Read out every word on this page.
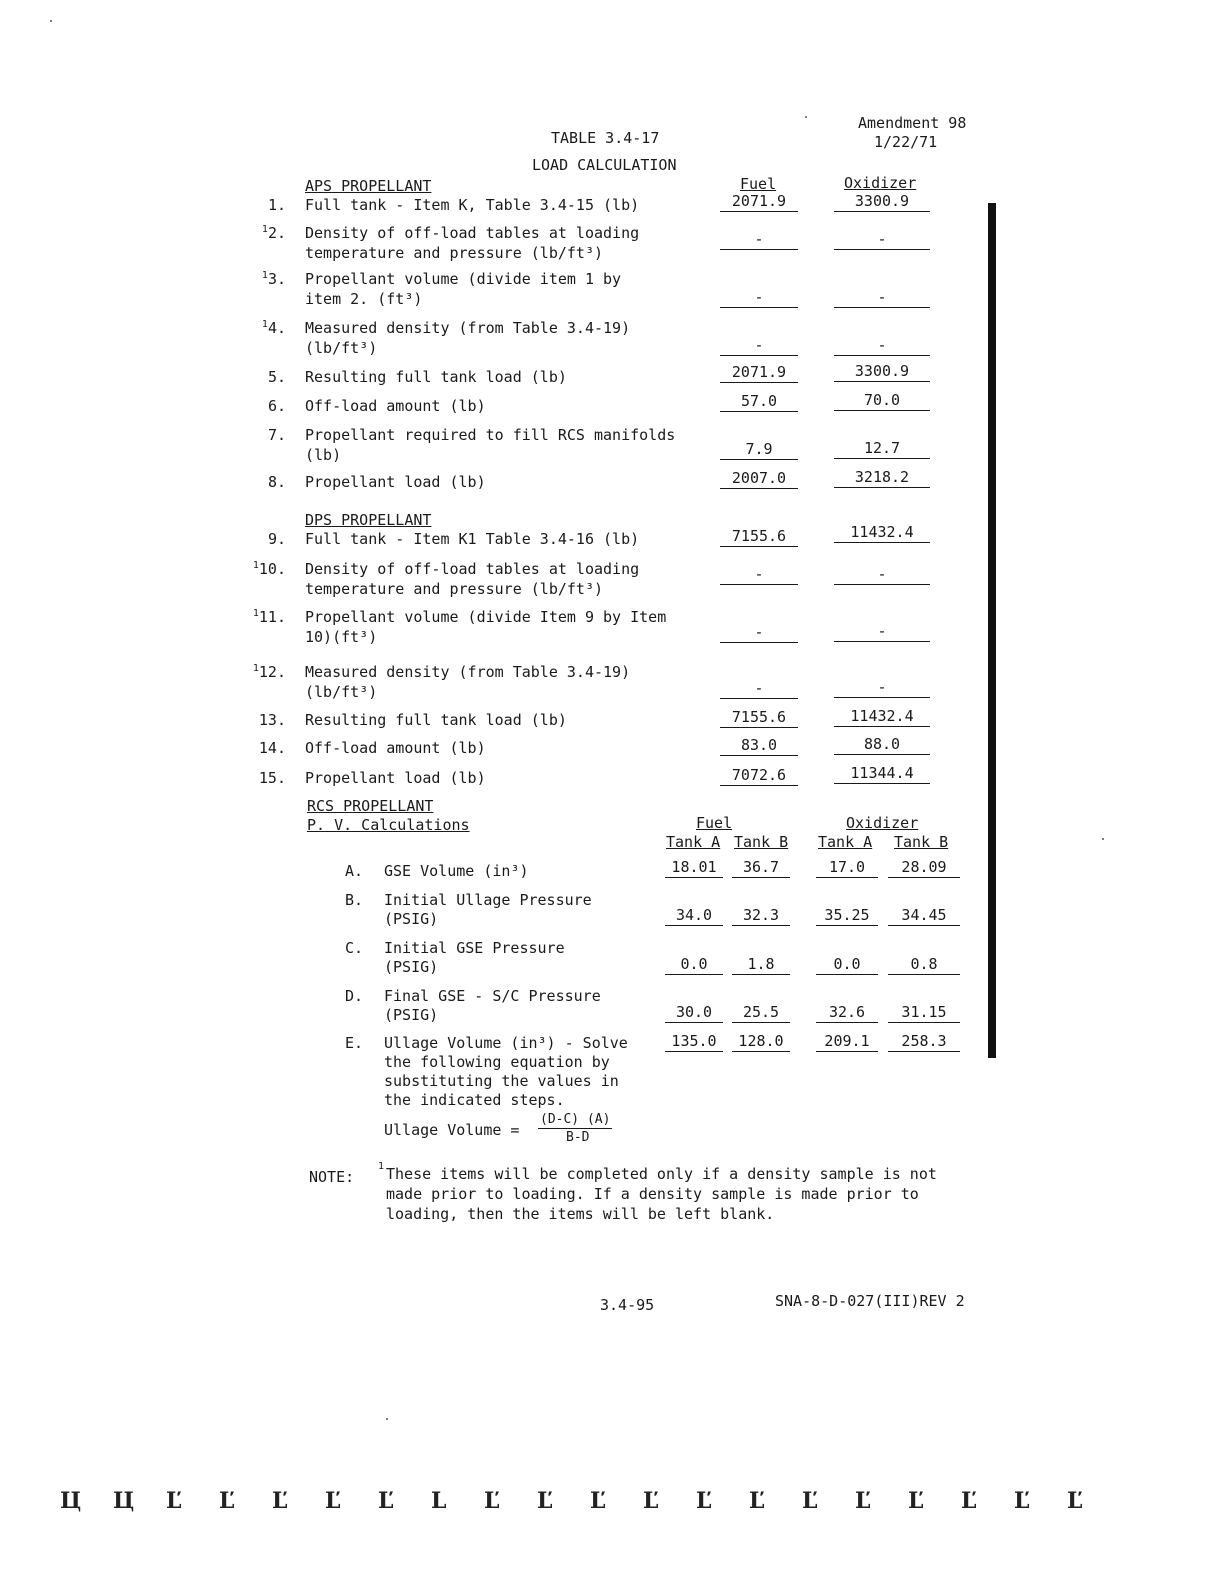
Amendment 98
1/22/71
TABLE 3.4-17
LOAD CALCULATION
APS PROPELLANT	Fuel	Oxidizer
1. Full tank - Item K, Table 3.4-15 (lb)	2071.9	3300.9
$^1$2. Density of off-load tables at loading
temperature and pressure (lb/ft³)
-	-
$^1$3. Propellant volume (divide item 1 by
item 2. (ft³)	-	-
$^1$4. Measured density (from Table 3.4-19)
(lb/ft³)	-	-
5. Resulting full tank load (lb)	2071.9	3300.9
6. Off-load amount (lb)	57.0	70.0
7. Propellant required to fill RCS manifolds
(lb)	7.9	12.7
8. Propellant load (lb)	2007.0	3218.2
DPS PROPELLANT
9. Full tank - Item K1 Table 3.4-16 (lb)	7155.6	11432.4
$^1$10. Density of off-load tables at loading
temperature and pressure (lb/ft³)
-	-
$^1$11. Propellant volume (divide Item 9 by Item
10)(ft³)	-	-
$^1$12. Measured density (from Table 3.4-19)
(lb/ft³)	-	-
13. Resulting full tank load (lb)	7155.6	11432.4
14. Off-load amount (lb)	83.0	88.0
15. Propellant load (lb)	7072.6	11344.4
RCS PROPELLANT
P. V. Calculations	Fuel	Oxidizer
Tank A Tank B Tank A Tank B
A. GSE Volume (in³)	18.01	36.7	17.0	28.09
B. Initial Ullage Pressure
(PSIG)	34.0	32.3	35.25	34.45
C. Initial GSE Pressure
(PSIG)	0.0	1.8	0.0	0.8
D. Final GSE - S/C Pressure
(PSIG)	30.0	25.5	32.6	31.15
E. Ullage Volume (in³) - Solve
the following equation by
substituting the values in
the indicated steps.
135.0	128.0	209.1	258.3
Ullage Volume =
(D-C) (A)
B-D
NOTE:
1 These items will be completed only if a density sample is not
made prior to loading. If a density sample is made prior to
loading, then the items will be left blank.
3.4-95	SNA-8-D-027(III)REV 2
Ц Ц Ľ Ľ Ľ Ľ Ľ L Ľ Ľ Ľ Ľ Ľ Ľ Ľ Ľ Ľ Ľ Ľ Ľ
